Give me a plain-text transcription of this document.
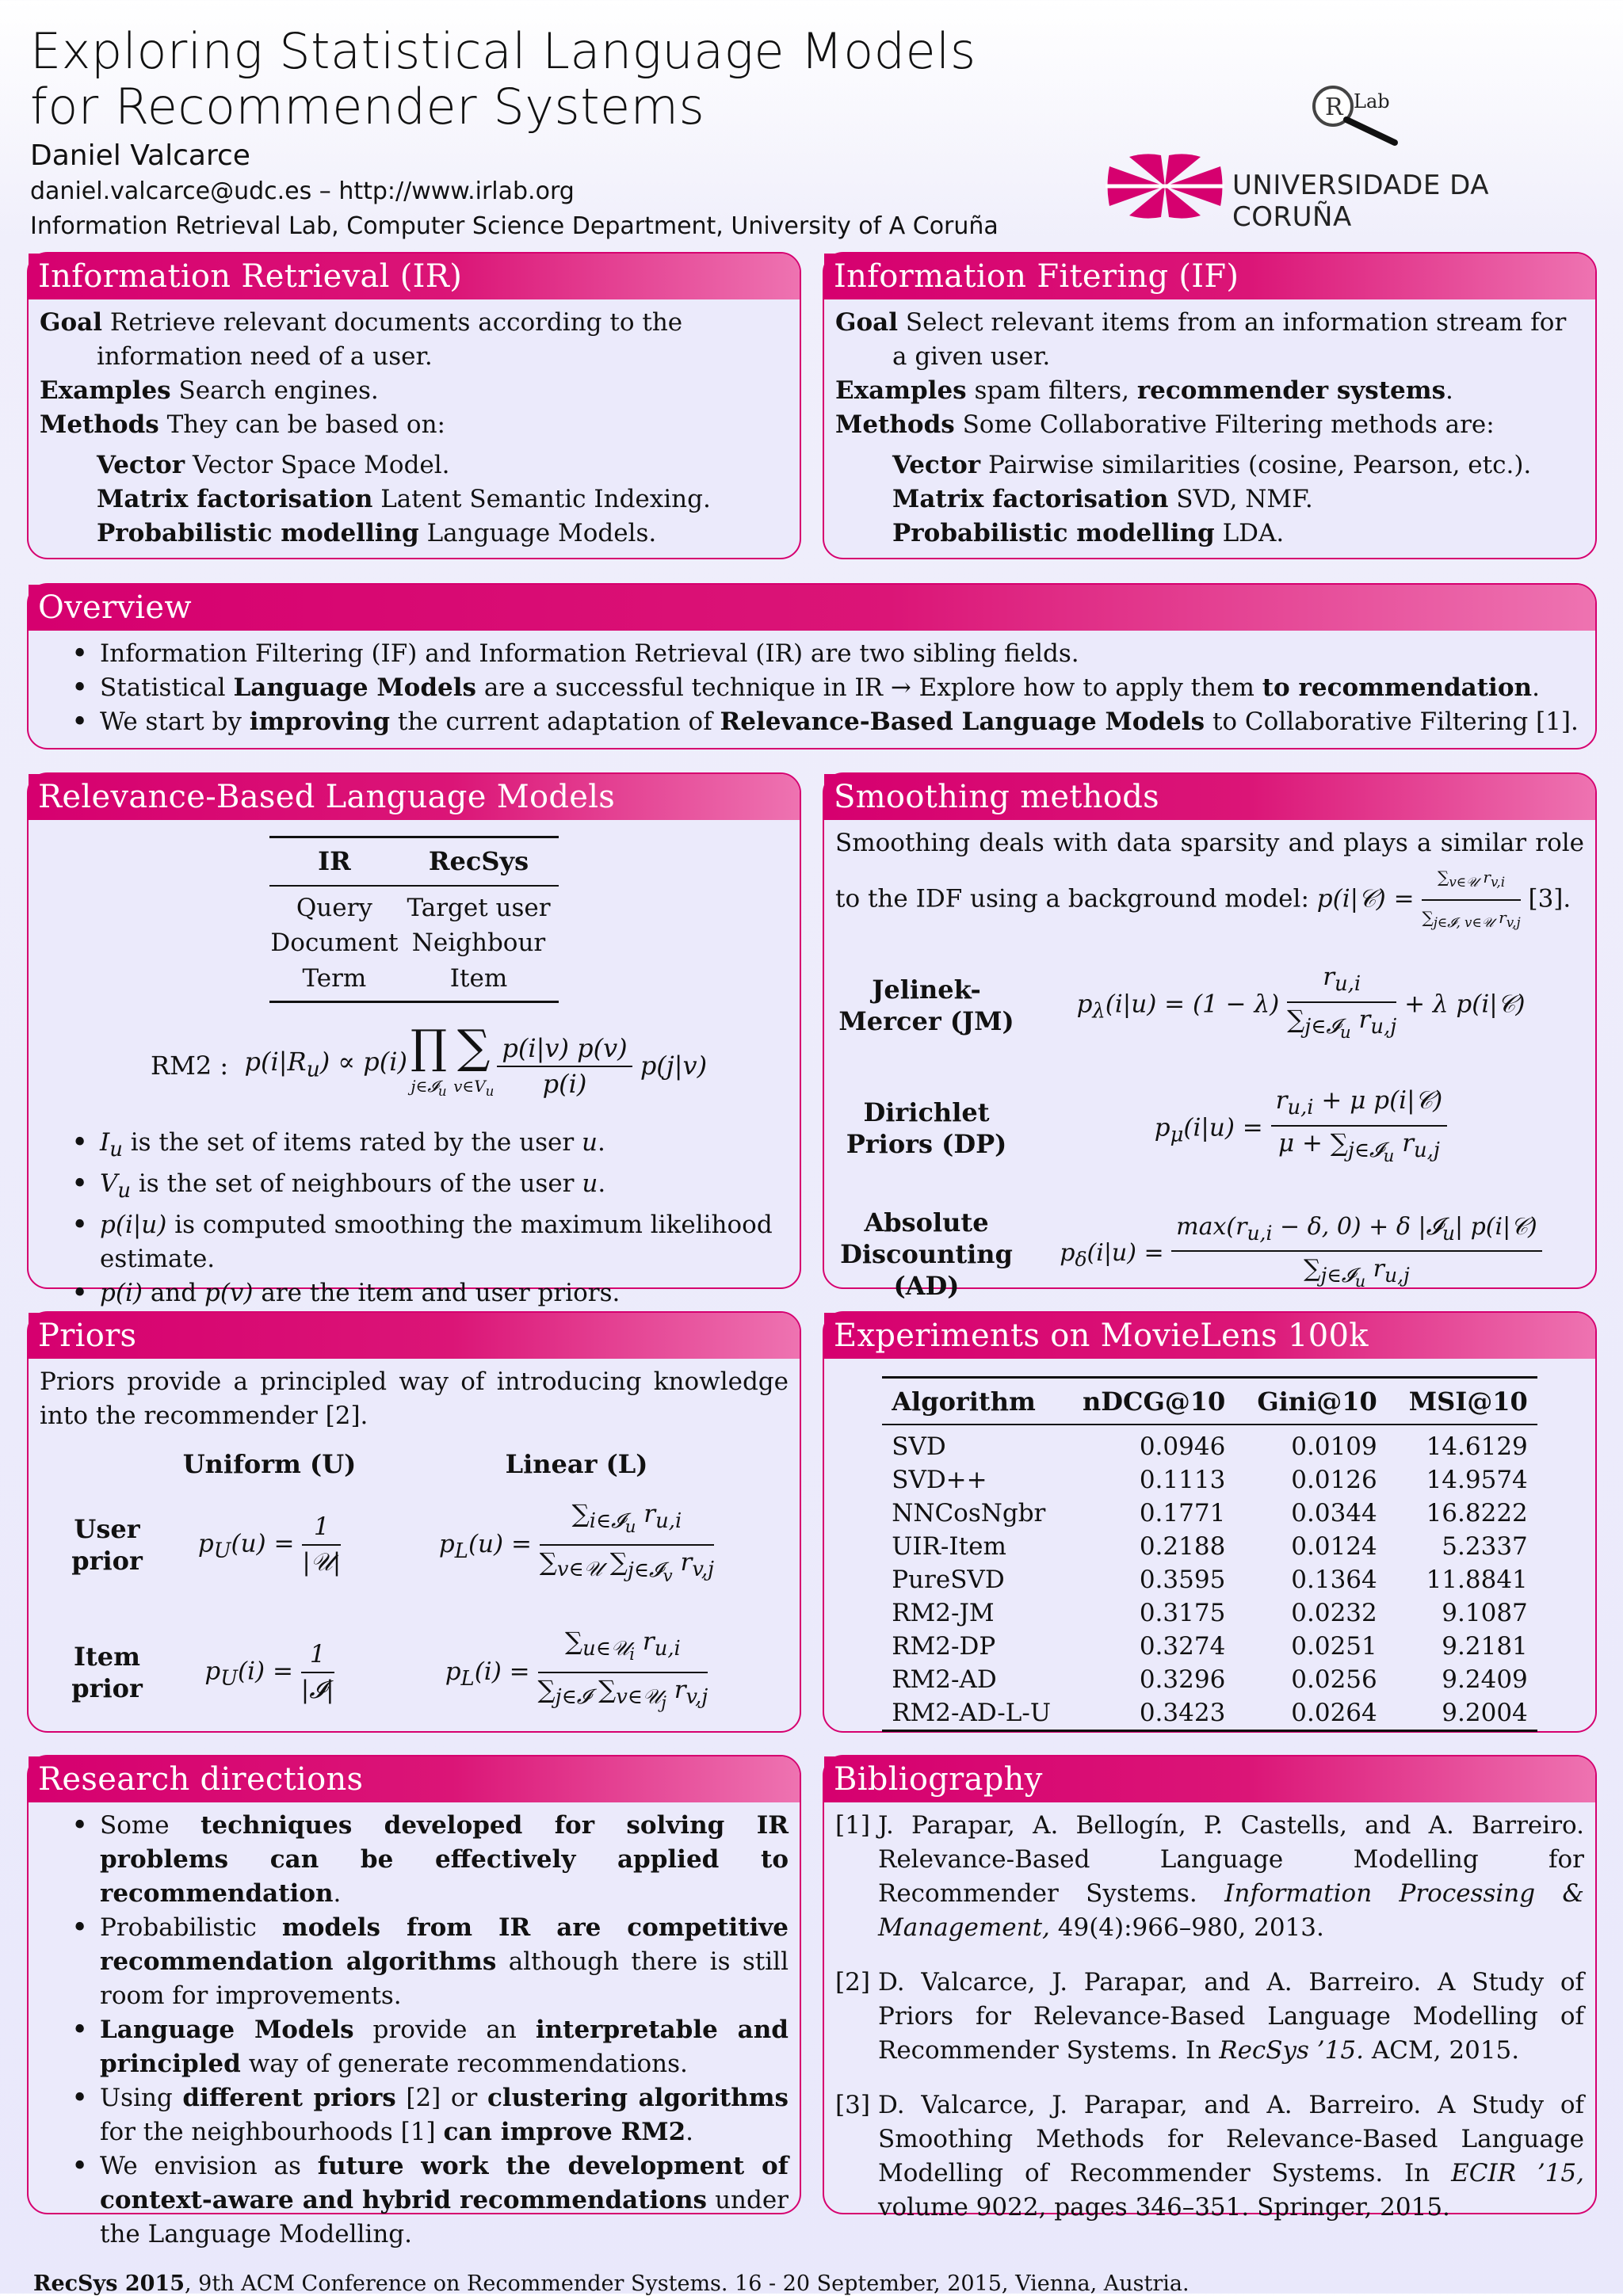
Exploring Statistical Language Models
for Recommender Systems
Daniel Valcarce
daniel.valcarce@udc.es – http://www.irlab.org
Information Retrieval Lab, Computer Science Department, University of A Coruña
R Lab
UNIVERSIDADE DA CORUÑA
Information Retrieval (IR)
Goal Retrieve relevant documents according to the information need of a user.
Examples Search engines.
Methods They can be based on:
Vector Vector Space Model.
Matrix factorisation Latent Semantic Indexing.
Probabilistic modelling Language Models.
Information Fitering (IF)
Goal Select relevant items from an information stream for a given user.
Examples spam filters, recommender systems.
Methods Some Collaborative Filtering methods are:
Vector Pairwise similarities (cosine, Pearson, etc.).
Matrix factorisation SVD, NMF.
Probabilistic modelling LDA.
Overview
• Information Filtering (IF) and Information Retrieval (IR) are two sibling fields.
• Statistical Language Models are a successful technique in IR → Explore how to apply them to recommendation.
• We start by improving the current adaptation of Relevance-Based Language Models to Collaborative Filtering [1].
Relevance-Based Language Models
IR	RecSys
Query	Target user
Document	Neighbour
Term	Item
RM2 :
$p(i|R_u) \propto p(i)$ ∏
j∈𝓘$_u$
∑
$v\in V_u \frac{p(i|v) p(v)}{p(i)} p(j|v)$
• $I_u$ is the set of items rated by the user u.
• $V_u$ is the set of neighbours of the user u.
• p(i|u) is computed smoothing the maximum likelihood estimate.
• p(i) and p(v) are the item and user priors.
Smoothing methods
Smoothing deals with data sparsity and plays a similar role to the IDF using a background model: p(i|𝒞) = $\frac{\sum_{v\in 𝒰} r_{v,i}}{\sum_{j\in 𝓘, v\in 𝒰} r_{v,j}} [3]$.
Jelinek-Mercer (JM)
$p_\lambda(i|u) = (1 - \lambda) \frac{r_{u,i}}{\sum_{j\in 𝓘_u} r_{u,j}} + \lambda$ p(i|𝒞)
Dirichlet Priors (DP)
$p_\mu(i|u) = \frac{r_{u,i} + \mu p(i|𝒞)}{\mu + \sum_{j\in 𝓘_u} r_{u,j}}$
Absolute Discounting (AD)
$p_\delta(i|u) = \frac{\max(r_{u,i} - \delta, 0) + \delta |𝓘_u| p(i|𝒞)}{\sum_{j\in 𝓘_u} r_{u,j}}$
Priors
Priors provide a principled way of introducing knowledge into the recommender [2].
Uniform (U)	Linear (L)
User prior
$p_U(u) = \frac{1}{\text{|𝒰|}}$	$p_L(u) = \frac{\sum_{i\in 𝓘_u} r_{u,i}}{\sum_{v\in 𝒰} \sum_{j\in 𝓘_v} r_{v,j}}$
Item prior
$p_U(i) = \frac{1}{\text{|𝓘|}}$	$p_L(i) = \frac{\sum_{u\in 𝒰_i} r_{u,i}}{\sum_{j\in 𝓘} \sum_{v\in 𝒰_j} r_{v,j}}$
Experiments on MovieLens 100k
Algorithm	nDCG@10	Gini@10	MSI@10
SVD	0.0946	0.0109	14.6129
SVD++	0.1113	0.0126	14.9574
NNCosNgbr	0.1771	0.0344	16.8222
UIR-Item	0.2188	0.0124	5.2337
PureSVD	0.3595	0.1364	11.8841
RM2-JM	0.3175	0.0232	9.1087
RM2-DP	0.3274	0.0251	9.2181
RM2-AD	0.3296	0.0256	9.2409
RM2-AD-L-U	0.3423	0.0264	9.2004
Research directions
• Some techniques developed for solving IR problems can be effectively applied to recommendation.
• Probabilistic models from IR are competitive recommendation algorithms although there is still room for improvements.
• Language Models provide an interpretable and principled way of generate recommendations.
• Using different priors [2] or clustering algorithms for the neighbourhoods [1] can improve RM2.
• We envision as future work the development of context-aware and hybrid recommendations under the Language Modelling.
Bibliography
[1] J. Parapar, A. Bellogín, P. Castells, and A. Barreiro. Relevance-Based Language Modelling for Recommender Systems. Information Processing & Management, 49(4):966–980, 2013.
[2] D. Valcarce, J. Parapar, and A. Barreiro. A Study of Priors for Relevance-Based Language Modelling of Recommender Systems. In RecSys ’15. ACM, 2015.
[3] D. Valcarce, J. Parapar, and A. Barreiro. A Study of Smoothing Methods for Relevance-Based Language Modelling of Recommender Systems. In ECIR ’15, volume 9022, pages 346–351. Springer, 2015.
RecSys 2015, 9th ACM Conference on Recommender Systems. 16 - 20 September, 2015, Vienna, Austria.
